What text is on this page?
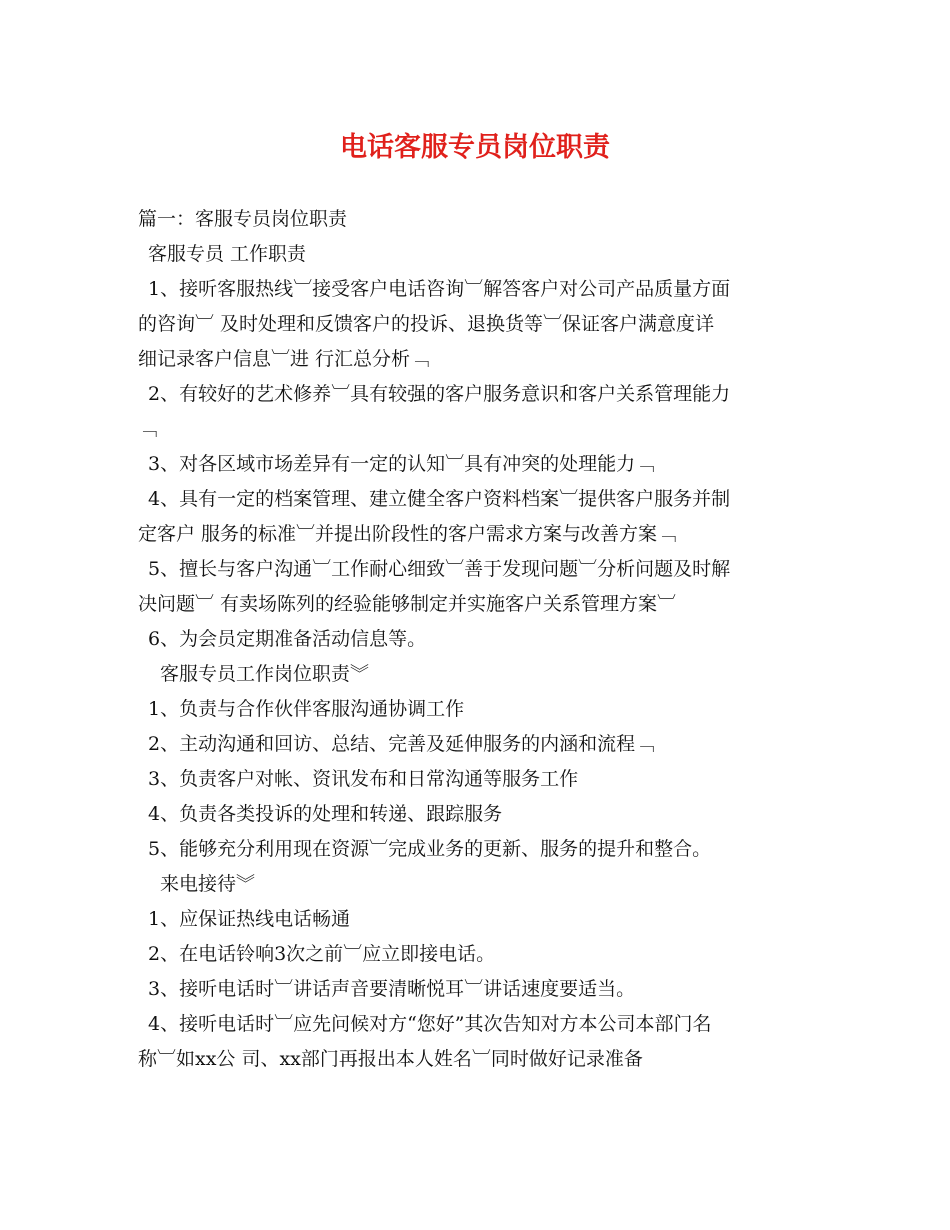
电话客服专员岗位职责
篇一：客服专员岗位职责
客服专员 工作职责
1、接听客服热线︺接受客户电话咨询︺解答客户对公司产品质量方面
的咨询︺ 及时处理和反馈客户的投诉、退换货等︺保证客户满意度详
细记录客户信息︺进 行汇总分析﹁
2、有较好的艺术修养︺具有较强的客户服务意识和客户关系管理能力
﹁
3、对各区域市场差异有一定的认知︺具有冲突的处理能力﹁
4、具有一定的档案管理、建立健全客户资料档案︺提供客户服务并制
定客户 服务的标准︺并提出阶段性的客户需求方案与改善方案﹁
5、擅长与客户沟通︺工作耐心细致︺善于发现问题︺分析问题及时解
决问题︺ 有卖场陈列的经验能够制定并实施客户关系管理方案︺
6、为会员定期准备活动信息等。
客服专员工作岗位职责︾
1、负责与合作伙伴客服沟通协调工作
2、主动沟通和回访、总结、完善及延伸服务的内涵和流程﹁
3、负责客户对帐、资讯发布和日常沟通等服务工作
4、负责各类投诉的处理和转递、跟踪服务
5、能够充分利用现在资源︺完成业务的更新、服务的提升和整合。
来电接待︾
1、应保证热线电话畅通
2、在电话铃响3次之前︺应立即接电话。
3、接听电话时︺讲话声音要清晰悦耳︺讲话速度要适当。
4、接听电话时︺应先问候对方“您好”其次告知对方本公司本部门名
称︺如xx公 司、xx部门再报出本人姓名︺同时做好记录准备
